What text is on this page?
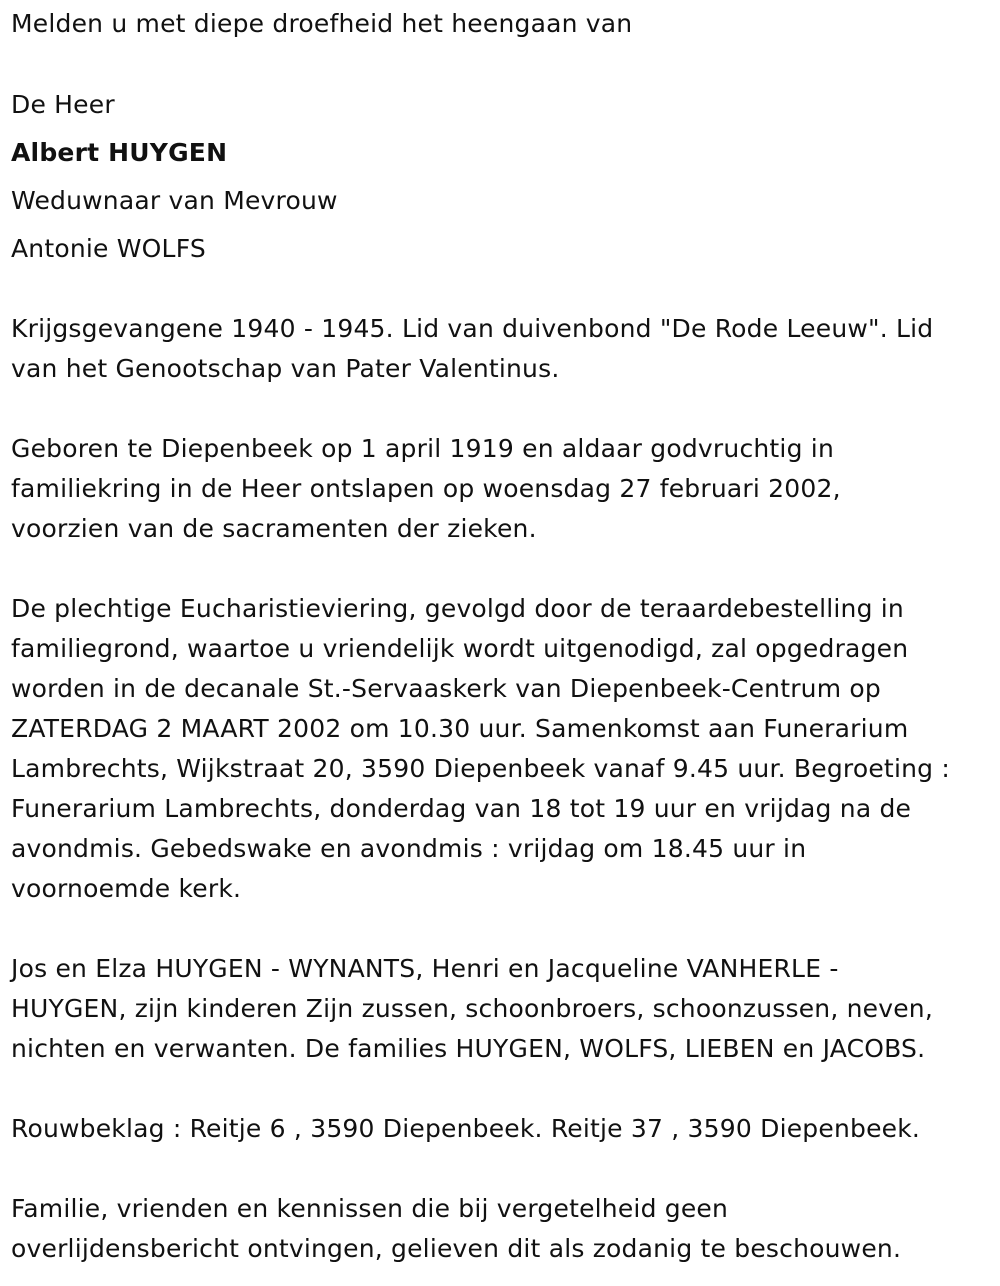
Melden u met diepe droefheid het heengaan van
De Heer
Albert HUYGEN
Weduwnaar van Mevrouw
Antonie WOLFS
Krijgsgevangene 1940 - 1945. Lid van duivenbond "De Rode Leeuw". Lid
van het Genootschap van Pater Valentinus.
Geboren te Diepenbeek op 1 april 1919 en aldaar godvruchtig in
familiekring in de Heer ontslapen op woensdag 27 februari 2002,
voorzien van de sacramenten der zieken.
De plechtige Eucharistieviering, gevolgd door de teraardebestelling in
familiegrond, waartoe u vriendelijk wordt uitgenodigd, zal opgedragen
worden in de decanale St.-Servaaskerk van Diepenbeek-Centrum op
ZATERDAG 2 MAART 2002 om 10.30 uur. Samenkomst aan Funerarium
Lambrechts, Wijkstraat 20, 3590 Diepenbeek vanaf 9.45 uur. Begroeting :
Funerarium Lambrechts, donderdag van 18 tot 19 uur en vrijdag na de
avondmis. Gebedswake en avondmis : vrijdag om 18.45 uur in
voornoemde kerk.
Jos en Elza HUYGEN - WYNANTS, Henri en Jacqueline VANHERLE -
HUYGEN, zijn kinderen Zijn zussen, schoonbroers, schoonzussen, neven,
nichten en verwanten. De families HUYGEN, WOLFS, LIEBEN en JACOBS.
Rouwbeklag : Reitje 6 , 3590 Diepenbeek. Reitje 37 , 3590 Diepenbeek.
Familie, vrienden en kennissen die bij vergetelheid geen
overlijdensbericht ontvingen, gelieven dit als zodanig te beschouwen.
